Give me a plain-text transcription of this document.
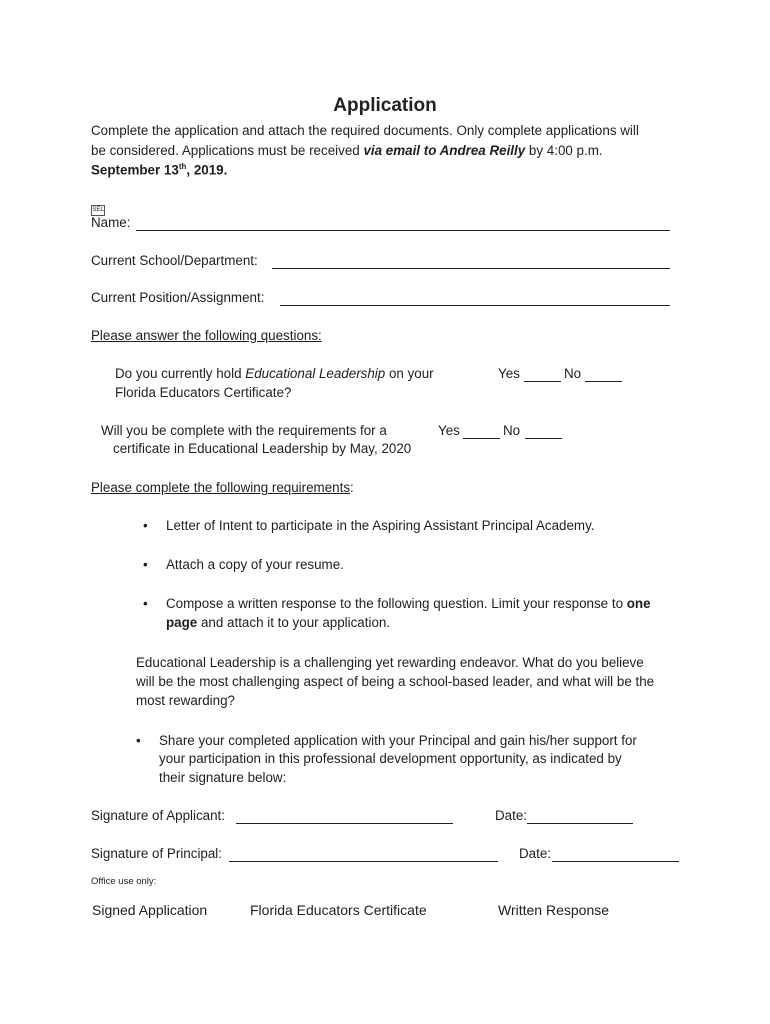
Application
Complete the application and attach the required documents. Only complete applications will
be considered. Applications must be received via email to Andrea Reilly by 4:00 p.m.
September 13th, 2019.
SEL
Name:
Current School/Department:
Current Position/Assignment:
Please answer the following questions:
Do you currently hold Educational Leadership on your
Florida Educators Certificate?
Yes	No
Will you be complete with the requirements for a
certificate in Educational Leadership by May, 2020
Yes	No
Please complete the following requirements:
• Letter of Intent to participate in the Aspiring Assistant Principal Academy.
• Attach a copy of your resume.
• Compose a written response to the following question. Limit your response to one
page and attach it to your application.
Educational Leadership is a challenging yet rewarding endeavor. What do you believe
will be the most challenging aspect of being a school-based leader, and what will be the
most rewarding?
• Share your completed application with your Principal and gain his/her support for
your participation in this professional development opportunity, as indicated by
their signature below:
Signature of Applicant:	Date:
Signature of Principal:	Date:
Office use only:
Signed Application	Florida Educators Certificate	Written Response
